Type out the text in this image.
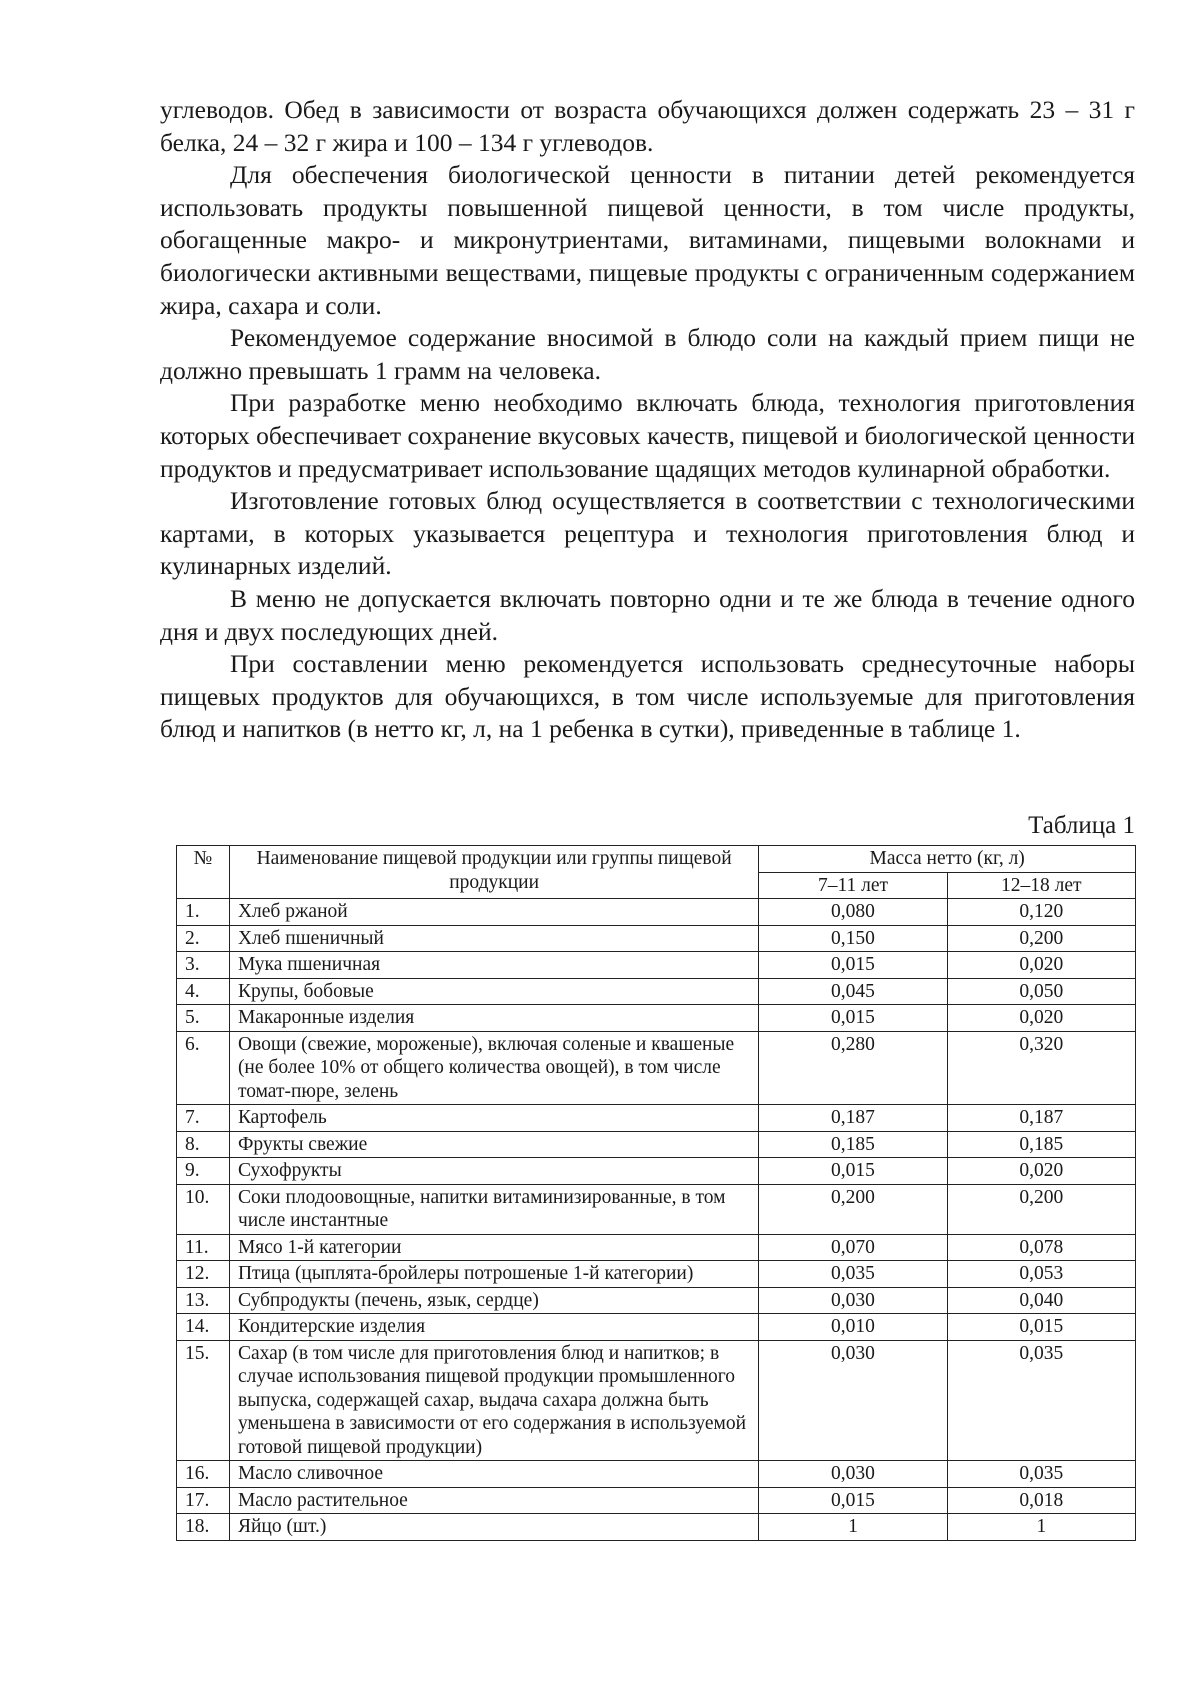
углеводов. Обед в зависимости от возраста обучающихся должен содержать 23 – 31 г белка, 24 – 32 г жира и 100 – 134 г углеводов.

Для обеспечения биологической ценности в питании детей рекомендуется использовать продукты повышенной пищевой ценности, в том числе продукты, обогащенные макро- и микронутриентами, витаминами, пищевыми волокнами и биологически активными веществами, пищевые продукты с ограниченным содержанием жира, сахара и соли.

Рекомендуемое содержание вносимой в блюдо соли на каждый прием пищи не должно превышать 1 грамм на человека.

При разработке меню необходимо включать блюда, технология приготовления которых обеспечивает сохранение вкусовых качеств, пищевой и биологической ценности продуктов и предусматривает использование щадящих методов кулинарной обработки.

Изготовление готовых блюд осуществляется в соответствии с технологическими картами, в которых указывается рецептура и технология приготовления блюд и кулинарных изделий.

В меню не допускается включать повторно одни и те же блюда в течение одного дня и двух последующих дней.

При составлении меню рекомендуется использовать среднесуточные наборы пищевых продуктов для обучающихся, в том числе используемые для приготовления блюд и напитков (в нетто кг, л, на 1 ребенка в сутки), приведенные в таблице 1.

Таблица 1
№	Наименование пищевой продукции или группы пищевой продукции	Масса нетто (кг, л)	
		7–11 лет	12–18 лет
1.	Хлеб ржаной	0,080	0,120
2.	Хлеб пшеничный	0,150	0,200
3.	Мука пшеничная	0,015	0,020
4.	Крупы, бобовые	0,045	0,050
5.	Макаронные изделия	0,015	0,020
6.	Овощи (свежие, мороженые), включая соленые и квашеные (не более 10% от общего количества овощей), в том числе томат-пюре, зелень	0,280	0,320
7.	Картофель	0,187	0,187
8.	Фрукты свежие	0,185	0,185
9.	Сухофрукты	0,015	0,020
10.	Соки плодоовощные, напитки витаминизированные, в том числе инстантные	0,200	0,200
11.	Мясо 1-й категории	0,070	0,078
12.	Птица (цыплята-бройлеры потрошеные 1-й категории)	0,035	0,053
13.	Субпродукты (печень, язык, сердце)	0,030	0,040
14.	Кондитерские изделия	0,010	0,015
15.	Сахар (в том числе для приготовления блюд и напитков; в случае использования пищевой продукции промышленного выпуска, содержащей сахар, выдача сахара должна быть уменьшена в зависимости от его содержания в используемой готовой пищевой продукции)	0,030	0,035
16.	Масло сливочное	0,030	0,035
17.	Масло растительное	0,015	0,018
18.	Яйцо (шт.)	1	1
